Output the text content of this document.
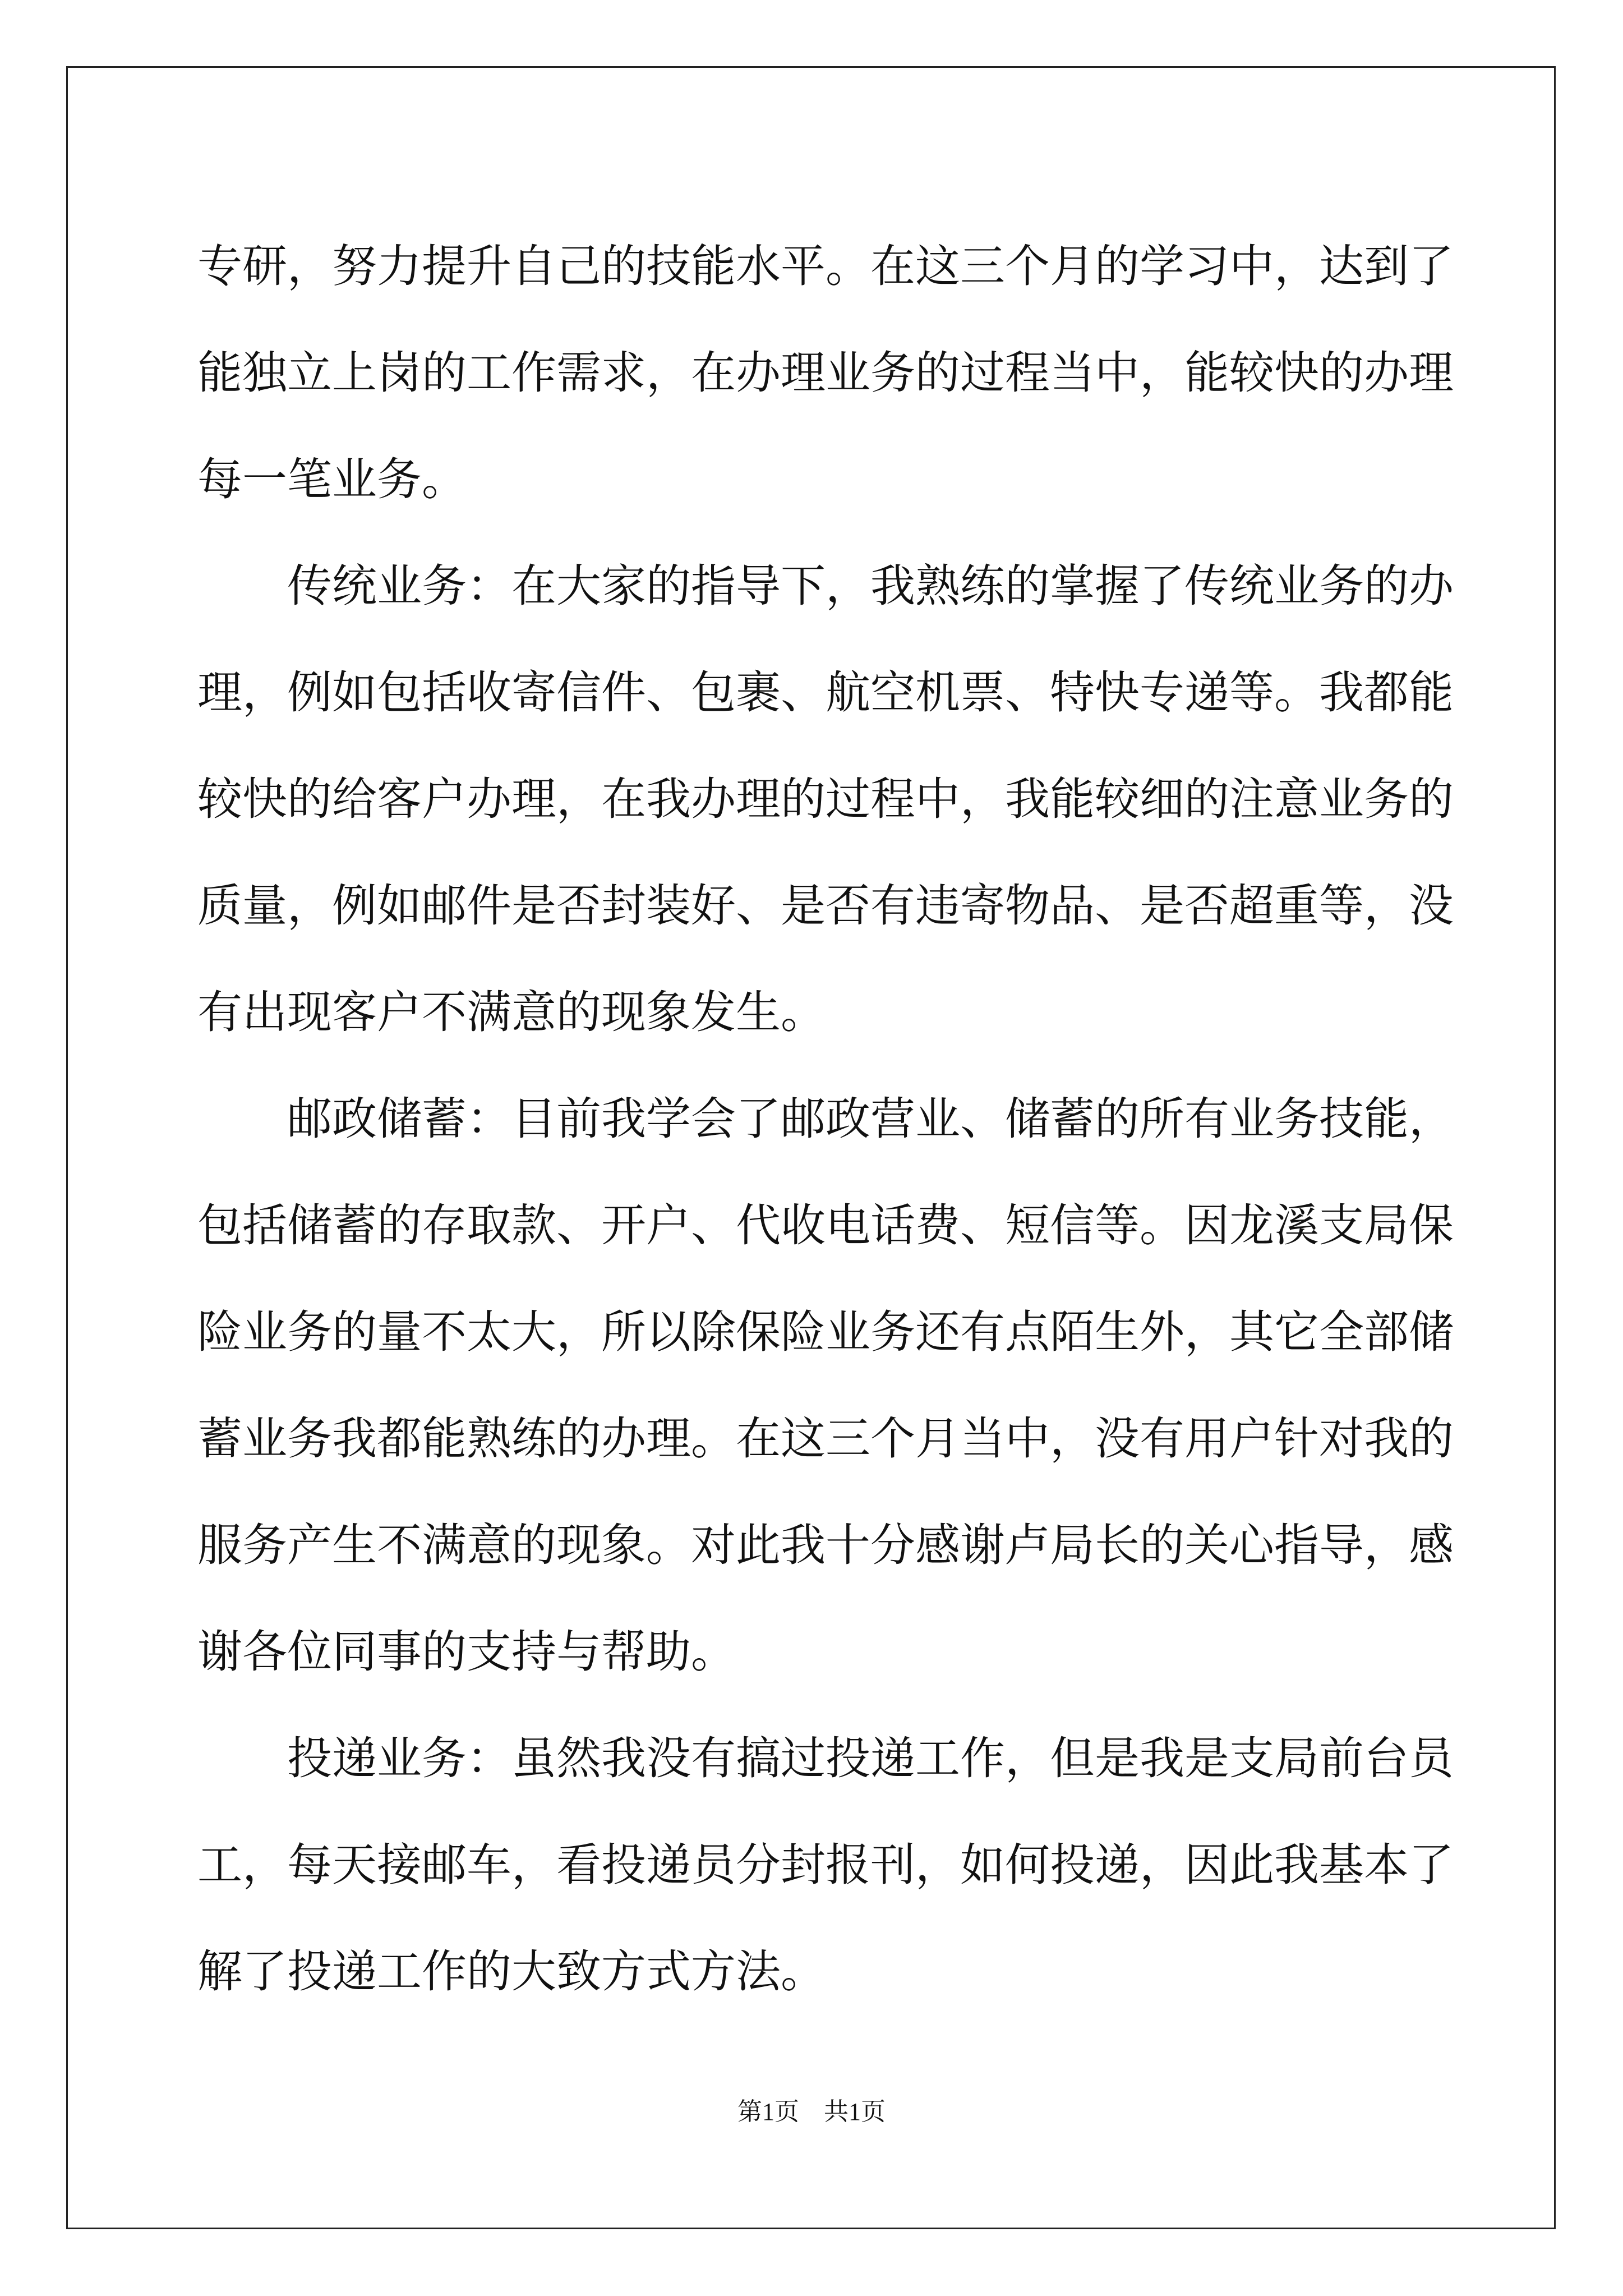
专研，努力提升自己的技能水平。在这三个月的学习中，达到了能独立上岗的工作需求，在办理业务的过程当中，能较快的办理每一笔业务。

传统业务：在大家的指导下，我熟练的掌握了传统业务的办理，例如包括收寄信件、包裹、航空机票、特快专递等。我都能较快的给客户办理，在我办理的过程中，我能较细的注意业务的质量，例如邮件是否封装好、是否有违寄物品、是否超重等，没有出现客户不满意的现象发生。

邮政储蓄：目前我学会了邮政营业、储蓄的所有业务技能，包括储蓄的存取款、开户、代收电话费、短信等。因龙溪支局保险业务的量不太大，所以除保险业务还有点陌生外，其它全部储蓄业务我都能熟练的办理。在这三个月当中，没有用户针对我的服务产生不满意的现象。对此我十分感谢卢局长的关心指导，感谢各位同事的支持与帮助。

投递业务：虽然我没有搞过投递工作，但是我是支局前台员工，每天接邮车，看投递员分封报刊，如何投递，因此我基本了解了投递工作的大致方式方法。

第1页　共1页
